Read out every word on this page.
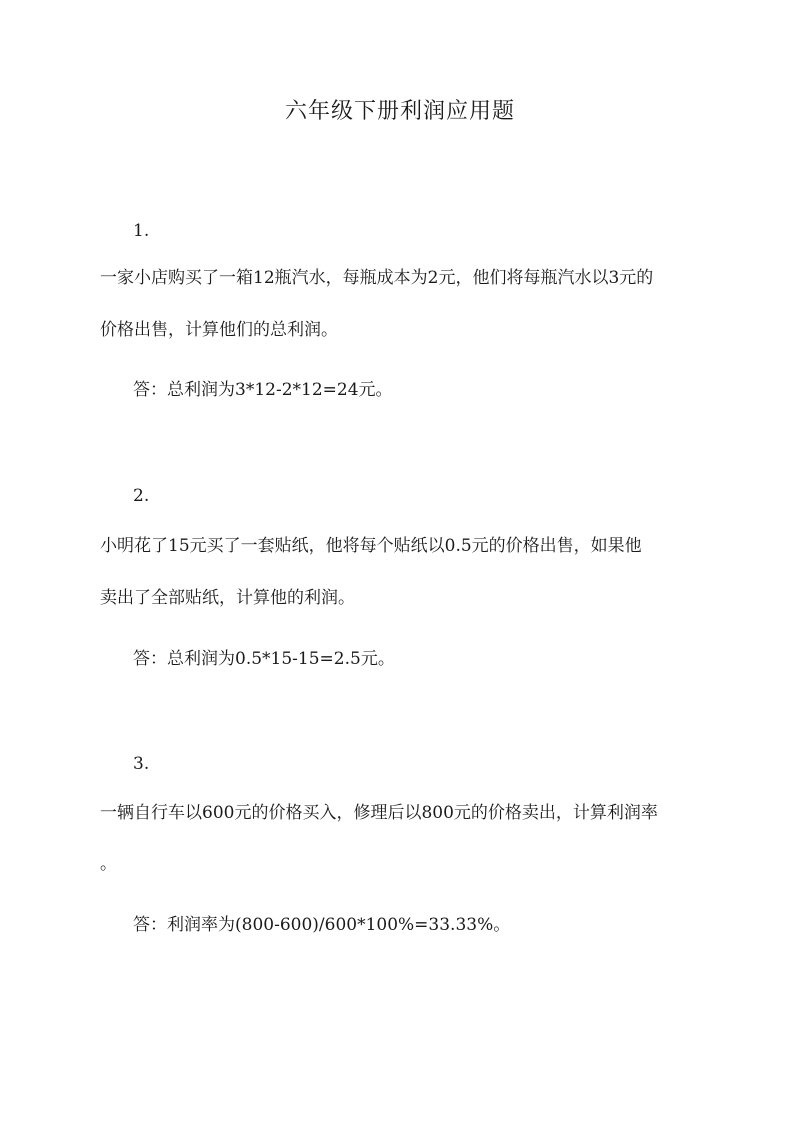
六年级下册利润应用题

1.

一家小店购买了一箱12瓶汽水，每瓶成本为2元，他们将每瓶汽水以3元的

价格出售，计算他们的总利润。

答：总利润为3*12-2*12=24元。

2.

小明花了15元买了一套贴纸，他将每个贴纸以0.5元的价格出售，如果他

卖出了全部贴纸，计算他的利润。

答：总利润为0.5*15-15=2.5元。

3.

一辆自行车以600元的价格买入，修理后以800元的价格卖出，计算利润率

。

答：利润率为(800-600)/600*100%=33.33%。
